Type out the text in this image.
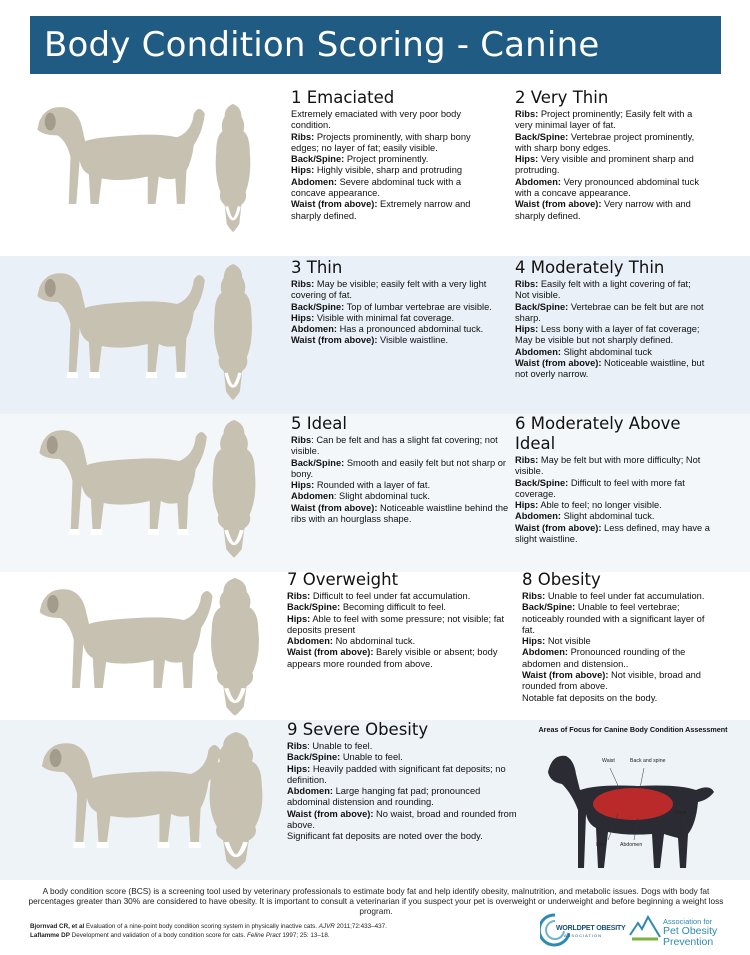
Body Condition Scoring - Canine
1 Emaciated

Extremely emaciated with very poor body condition.

Ribs: Projects prominently, with sharp bony edges; no layer of fat; easily visible.

Back/Spine: Project prominently.

Hips: Highly visible, sharp and protruding

Abdomen: Severe abdominal tuck with a concave appearance.

Waist (from above): Extremely narrow and sharply defined.

2 Very Thin

Ribs: Project prominently; Easily felt with a very minimal layer of fat.

Back/Spine: Vertebrae project prominently, with sharp bony edges.

Hips: Very visible and prominent sharp and protruding.

Abdomen: Very pronounced abdominal tuck with a concave appearance.

Waist (from above): Very narrow with and sharply defined.

3 Thin

Ribs: May be visible; easily felt with a very light covering of fat.

Back/Spine: Top of lumbar vertebrae are visible.

Hips: Visible with minimal fat coverage.

Abdomen: Has a pronounced abdominal tuck.

Waist (from above): Visible waistline.

4 Moderately Thin

Ribs: Easily felt with a light covering of fat; Not visible.

Back/Spine: Vertebrae can be felt but are not sharp.

Hips: Less bony with a layer of fat coverage; May be visible but not sharply defined.

Abdomen: Slight abdominal tuck

Waist (from above): Noticeable waistline, but not overly narrow.

5 Ideal

Ribs: Can be felt and has a slight fat covering; not visible.

Back/Spine: Smooth and easily felt but not sharp or bony.

Hips: Rounded with a layer of fat.

Abdomen: Slight abdominal tuck.

Waist (from above): Noticeable waistline behind the ribs with an hourglass shape.

6 Moderately Above Ideal

Ribs: May be felt but with more difficulty; Not visible.

Back/Spine: Difficult to feel with more fat coverage.

Hips: Able to feel; no longer visible.

Abdomen: Slight abdominal tuck.

Waist (from above): Less defined, may have a slight waistline.

7 Overweight

Ribs: Difficult to feel under fat accumulation.

Back/Spine: Becoming difficult to feel.

Hips: Able to feel with some pressure; not visible; fat deposits present

Abdomen: No abdominal tuck.

Waist (from above): Barely visible or absent; body appears more rounded from above.

8 Obesity

Ribs: Unable to feel under fat accumulation.

Back/Spine: Unable to feel vertebrae; noticeably rounded with a significant layer of fat.

Hips: Not visible

Abdomen: Pronounced rounding of the abdomen and distension..

Waist (from above): Not visible, broad and rounded from above.

Notable fat deposits on the body.

9 Severe Obesity

Ribs: Unable to feel.

Back/Spine: Unable to feel.

Hips: Heavily padded with significant fat deposits; no definition.

Abdomen: Large hanging fat pad; pronounced abdominal distension and rounding.

Waist (from above): No waist, broad and rounded from above.

Significant fat deposits are noted over the body.

Areas of Focus for Canine Body Condition Assessment
Waist	Back and spine
Ribs	Abdomen
Hips
A body condition score (BCS) is a screening tool used by veterinary professionals to estimate body fat and help identify obesity, malnutrition, and metabolic issues. Dogs with body fat percentages greater than 30% are considered to have obesity. It is important to consult a veterinarian if you suspect your pet is overweight or underweight and before beginning a weight loss program.
Bjornvad CR, et al Evaluation of a nine-point body condition scoring system in physically inactive cats. AJVR 2011;72:433–437.
Laflamme DP Development and validation of a body condition score for cats. Feline Pract 1997; 25: 13–18.
WORLDPET OBESITY
ASSOCIATION
Association for
Pet Obesity
Prevention
